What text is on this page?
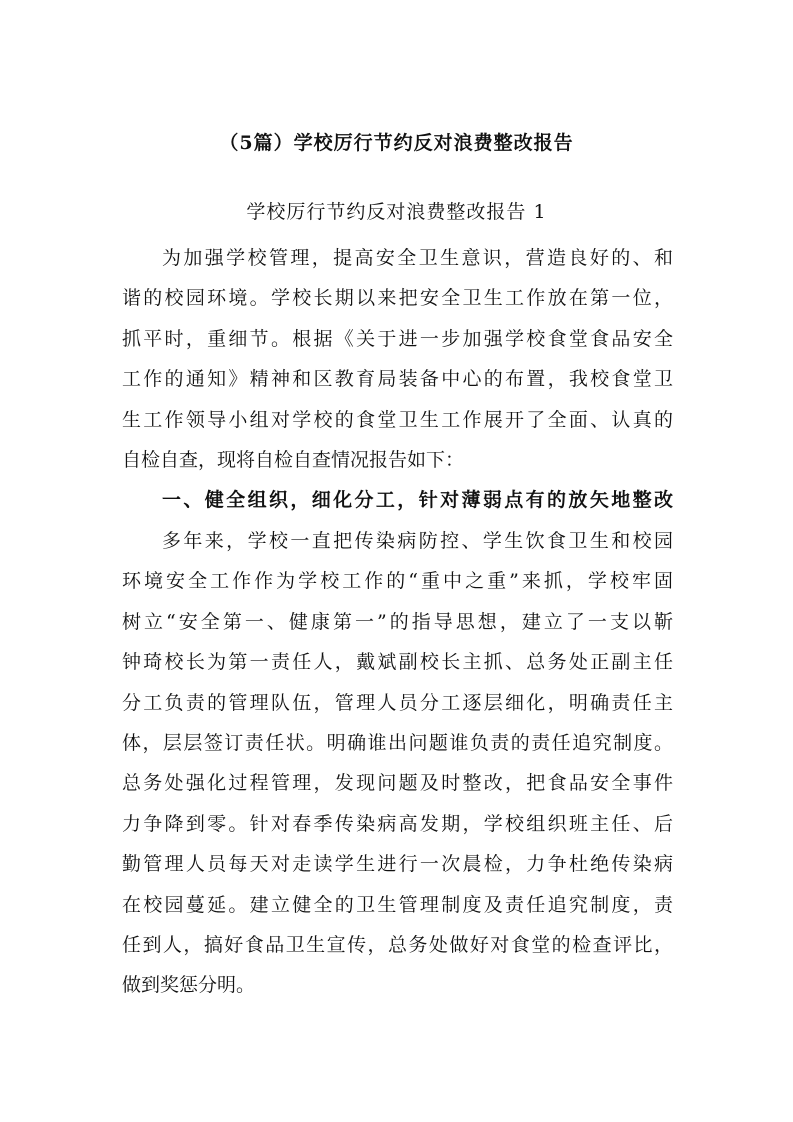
（5篇）学校厉行节约反对浪费整改报告
学校厉行节约反对浪费整改报告 1
为加强学校管理，提高安全卫生意识，营造良好的、和
谐的校园环境。学校长期以来把安全卫生工作放在第一位，
抓平时，重细节。根据《关于进一步加强学校食堂食品安全
工作的通知》精神和区教育局装备中心的布置，我校食堂卫
生工作领导小组对学校的食堂卫生工作展开了全面、认真的
自检自查，现将自检自查情况报告如下：
一、健全组织，细化分工，针对薄弱点有的放矢地整改
多年来，学校一直把传染病防控、学生饮食卫生和校园
环境安全工作作为学校工作的“重中之重”来抓，学校牢固
树立“安全第一、健康第一”的指导思想，建立了一支以靳
钟琦校长为第一责任人，戴斌副校长主抓、总务处正副主任
分工负责的管理队伍，管理人员分工逐层细化，明确责任主
体，层层签订责任状。明确谁出问题谁负责的责任追究制度。
总务处强化过程管理，发现问题及时整改，把食品安全事件
力争降到零。针对春季传染病高发期，学校组织班主任、后
勤管理人员每天对走读学生进行一次晨检，力争杜绝传染病
在校园蔓延。建立健全的卫生管理制度及责任追究制度，责
任到人，搞好食品卫生宣传，总务处做好对食堂的检查评比，
做到奖惩分明。
